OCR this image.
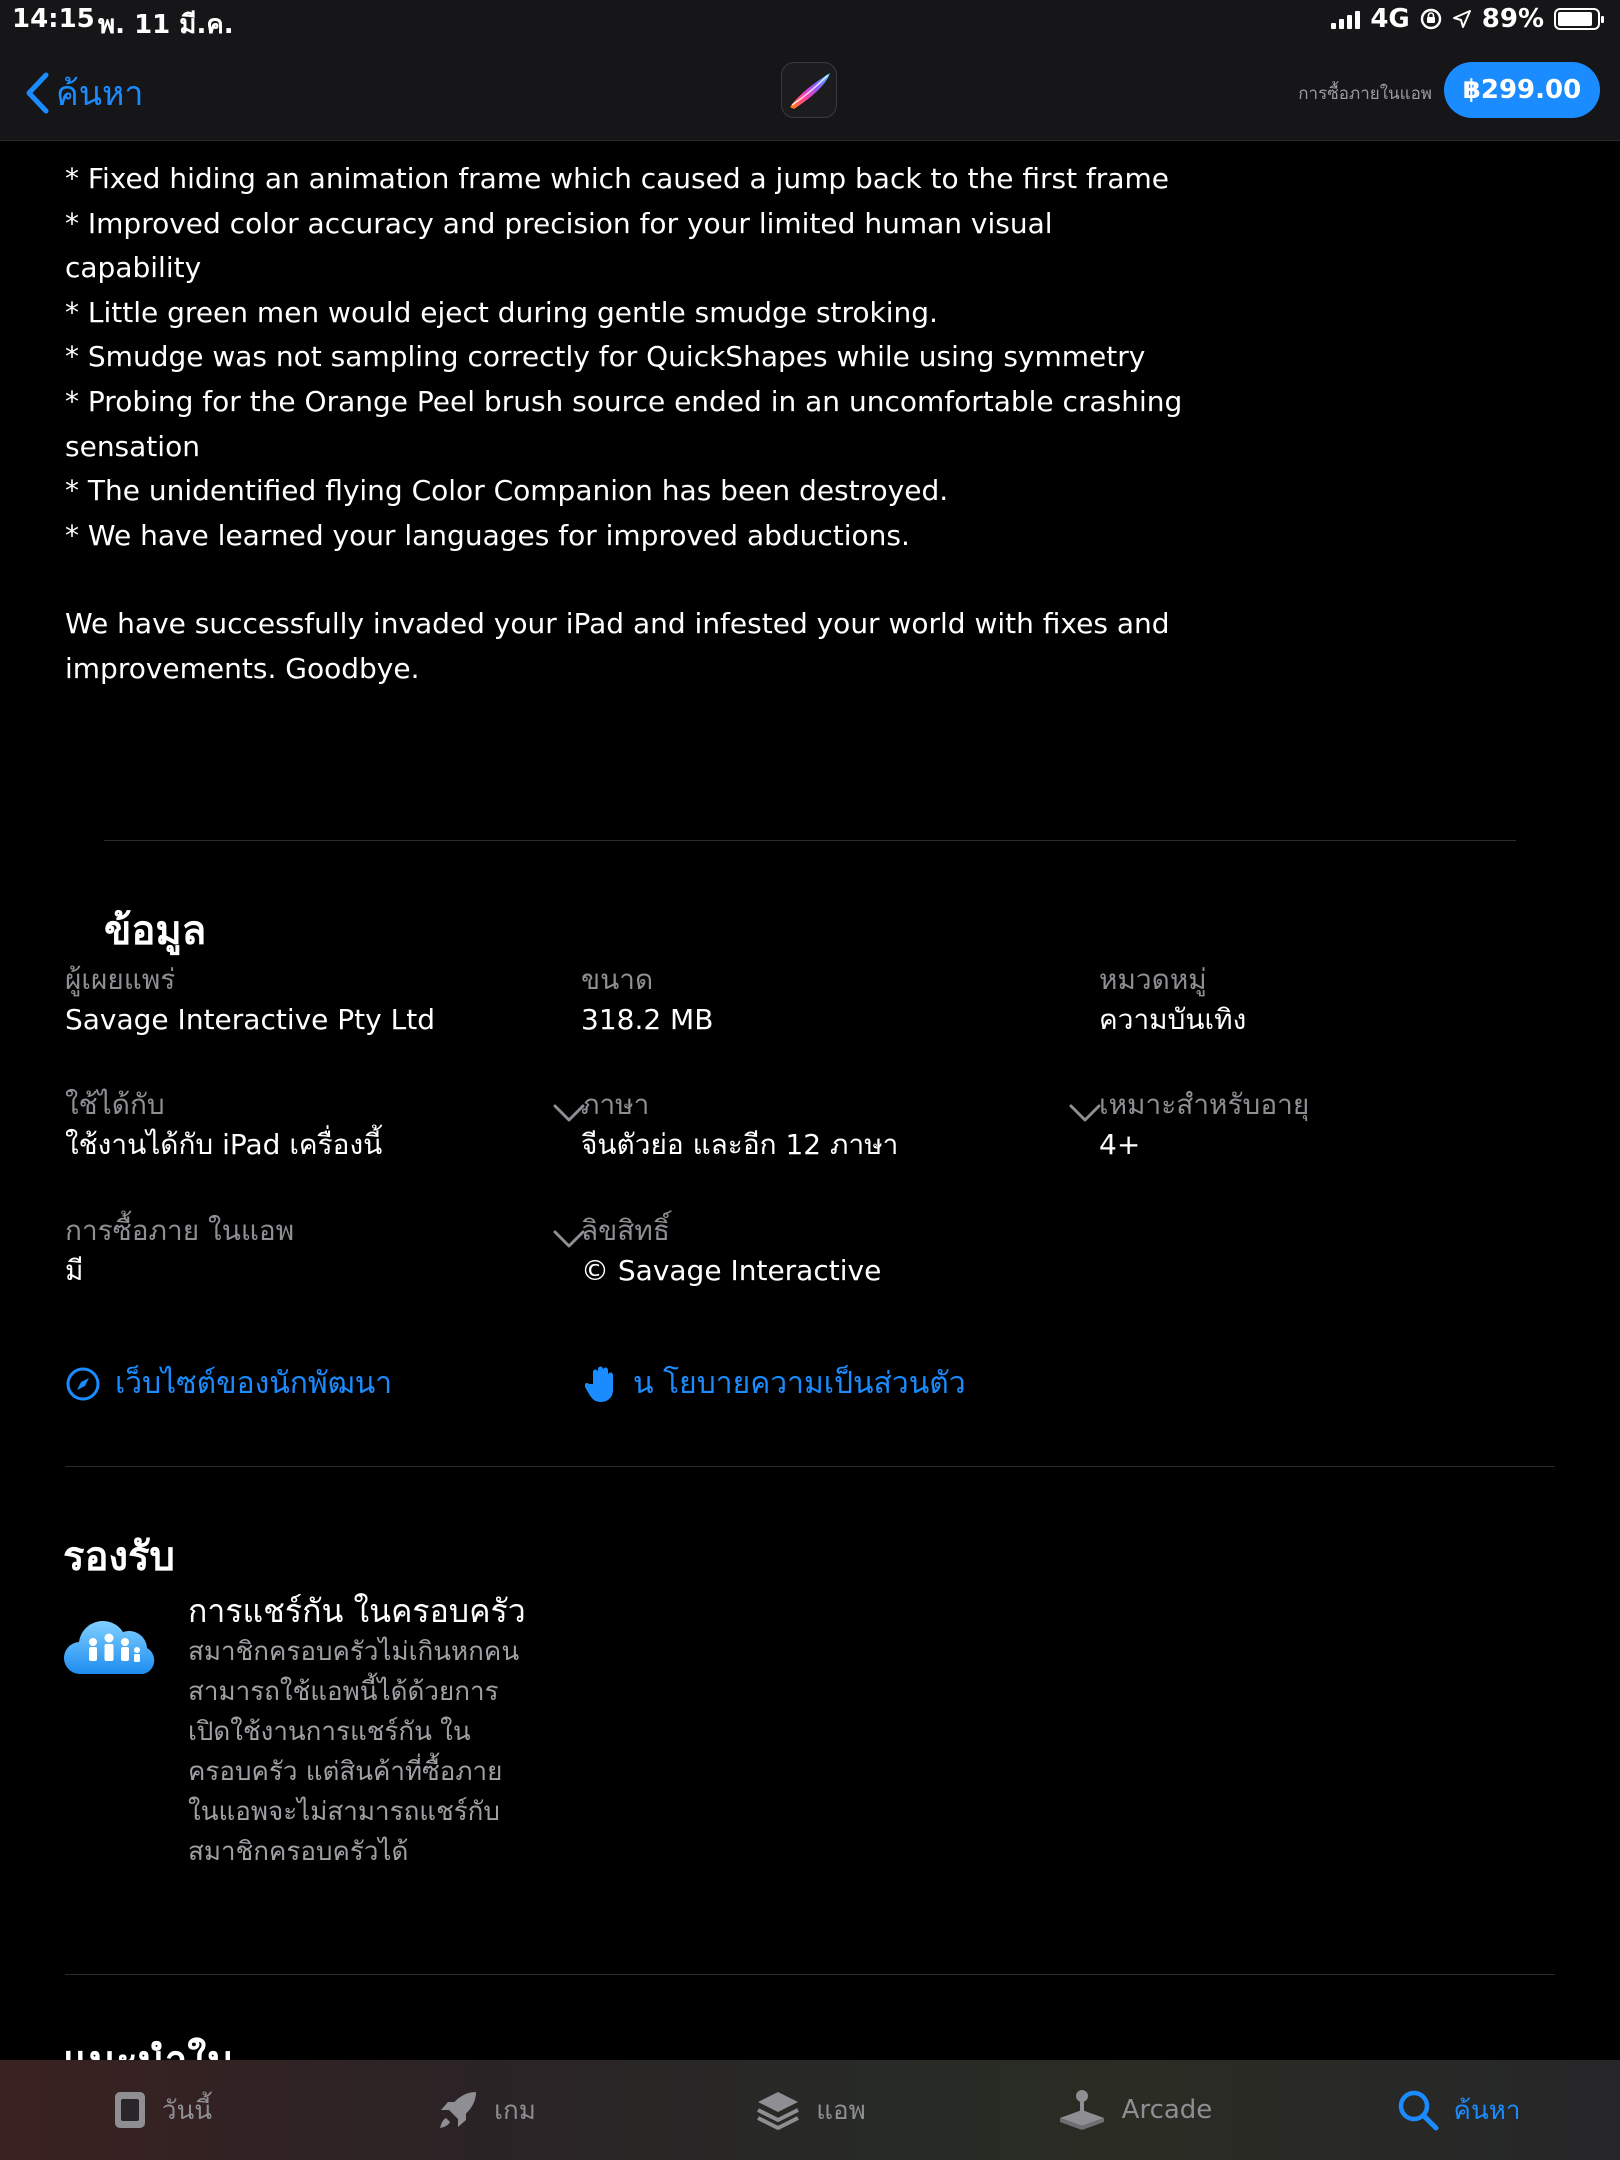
14:15 พ. 11 มี.ค.	4G	89%
ค้นหา	การซื้อภายในแอพ	฿299.00

* Fixed hiding an animation frame which caused a jump back to the first frame

* Improved color accuracy and precision for your limited human visual capability

* Little green men would eject during gentle smudge stroking.

* Smudge was not sampling correctly for QuickShapes while using symmetry

* Probing for the Orange Peel brush source ended in an uncomfortable crashing sensation

* The unidentified flying Color Companion has been destroyed.

* We have learned your languages for improved abductions.

We have successfully invaded your iPad and infested your world with fixes and improvements. Goodbye.

ข้อมูล
ผู้เผยแพร่
Savage Interactive Pty Ltd
ขนาด
318.2 MB
หมวดหมู่
ความบันเทิง
ใช้ได้กับ
ใช้งานได้กับ iPad เครื่องนี้
ภาษา
จีนตัวย่อ และอีก 12 ภาษา
เหมาะสำหรับอายุ
4+
การซื้อภาย ในแอพ
มี
ลิขสิทธิ์
© Savage Interactive
เว็บไซต์ของนักพัฒนา	น โยบายความเป็นส่วนตัว
รองรับ
การแชร์กัน ในครอบครัว
สมาชิกครอบครัวไม่เกินหกคนสามารถใช้แอพนี้ได้ด้วยการเปิดใช้งานการแชร์กัน ในครอบครัว แต่สินค้าที่ซื้อภาย ในแอพจะไม่สามารถแชร์กับสมาชิกครอบครัวได้
วันนี้	เกม	แอพ	Arcade	ค้นหา
